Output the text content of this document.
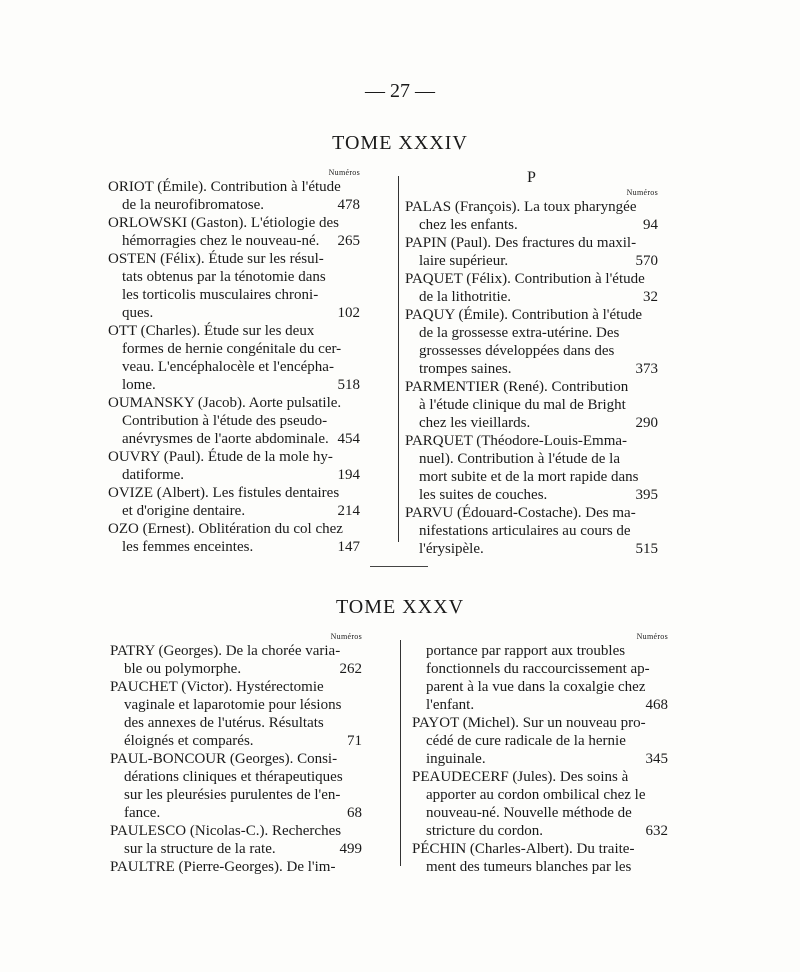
— 27 —
TOME XXXIV
Numéros
ORIOT (Émile). Contribution à l'étude
de la neurofibromatose.	478
ORLOWSKI (Gaston). L'étiologie des
hémorragies chez le nouveau-né.	265
OSTEN (Félix). Étude sur les résul-
tats obtenus par la ténotomie dans
les torticolis musculaires chroni-
ques.	102
OTT (Charles). Étude sur les deux
formes de hernie congénitale du cer-
veau. L'encéphalocèle et l'encépha-
lome.	518
OUMANSKY (Jacob). Aorte pulsatile.
Contribution à l'étude des pseudo-
anévrysmes de l'aorte abdominale. 454
OUVRY (Paul). Étude de la mole hy-
datiforme.	194
OVIZE (Albert). Les fistules dentaires
et d'origine dentaire.	214
OZO (Ernest). Oblitération du col chez
les femmes enceintes.	147
P
Numéros
PALAS (François). La toux pharyngée
chez les enfants.	94
PAPIN (Paul). Des fractures du maxil-
laire supérieur.	570
PAQUET (Félix). Contribution à l'étude
de la lithotritie.	32
PAQUY (Émile). Contribution à l'étude
de la grossesse extra-utérine. Des
grossesses développées dans des
trompes saines.	373
PARMENTIER (René). Contribution
à l'étude clinique du mal de Bright
chez les vieillards.	290
PARQUET (Théodore-Louis-Emma-
nuel). Contribution à l'étude de la
mort subite et de la mort rapide dans
les suites de couches.	395
PARVU (Édouard-Costache). Des ma-
nifestations articulaires au cours de
l'érysipèle.	515
TOME XXXV
Numéros
PATRY (Georges). De la chorée varia-
ble ou polymorphe.	262
PAUCHET (Victor). Hystérectomie
vaginale et laparotomie pour lésions
des annexes de l'utérus. Résultats
éloignés et comparés.	71
PAUL-BONCOUR (Georges). Consi-
dérations cliniques et thérapeutiques
sur les pleurésies purulentes de l'en-
fance.	68
PAULESCO (Nicolas-C.). Recherches
sur la structure de la rate.	499
PAULTRE (Pierre-Georges). De l'im-
Numéros
portance par rapport aux troubles
fonctionnels du raccourcissement ap-
parent à la vue dans la coxalgie chez
l'enfant.	468
PAYOT (Michel). Sur un nouveau pro-
cédé de cure radicale de la hernie
inguinale.	345
PEAUDECERF (Jules). Des soins à
apporter au cordon ombilical chez le
nouveau-né. Nouvelle méthode de
stricture du cordon.	632
PÉCHIN (Charles-Albert). Du traite-
ment des tumeurs blanches par les
